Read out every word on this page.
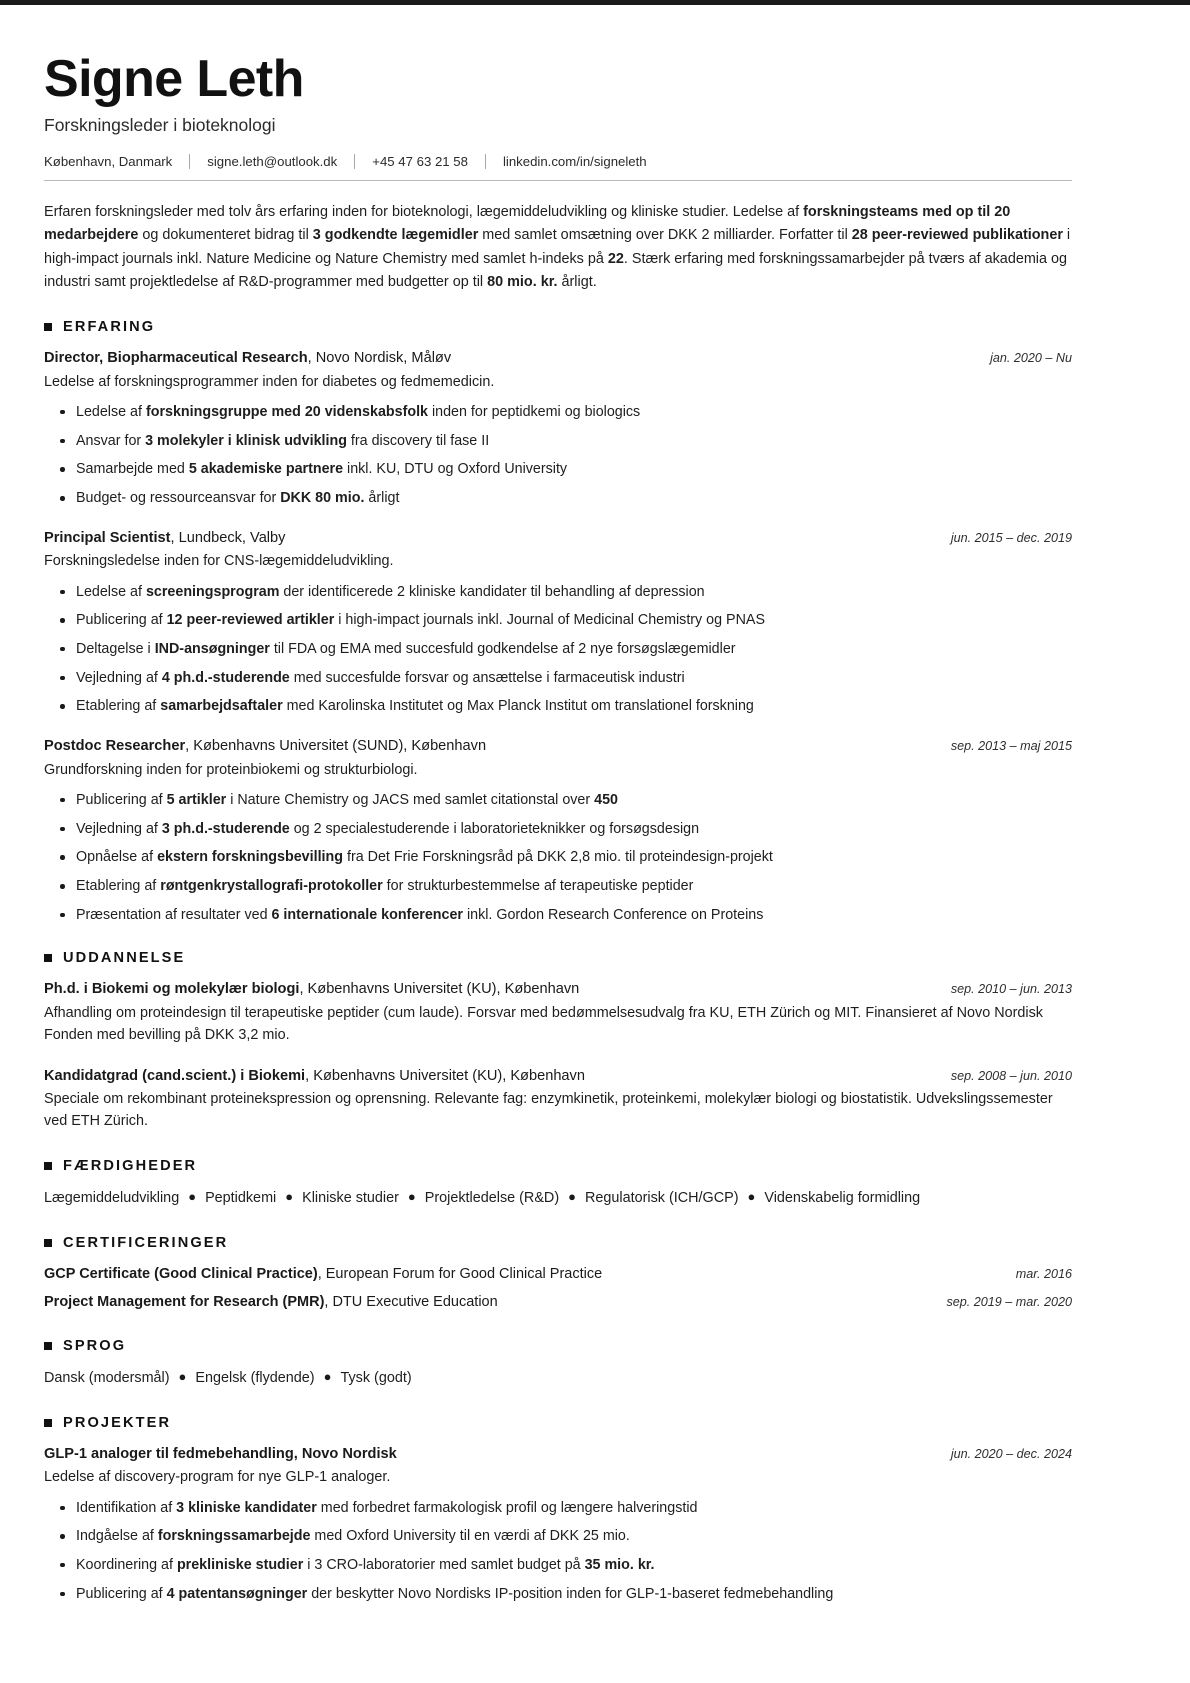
Signe Leth
Forskningsleder i bioteknologi
København, Danmark	signe.leth@outlook.dk	+45 47 63 21 58	linkedin.com/in/signeleth

Erfaren forskningsleder med tolv års erfaring inden for bioteknologi, lægemiddeludvikling og kliniske studier. Ledelse af forskningsteams med op til 20 medarbejdere og dokumenteret bidrag til 3 godkendte lægemidler med samlet omsætning over DKK 2 milliarder. Forfatter til 28 peer-reviewed publikationer i high-impact journals inkl. Nature Medicine og Nature Chemistry med samlet h-indeks på 22. Stærk erfaring med forskningssamarbejder på tværs af akademia og industri samt projektledelse af R&D-programmer med budgetter op til 80 mio. kr. årligt.

ERFARING
Director, Biopharmaceutical Research, Novo Nordisk, Måløv	jan. 2020 – Nu
Ledelse af forskningsprogrammer inden for diabetes og fedmemedicin.
Ledelse af forskningsgruppe med 20 videnskabsfolk inden for peptidkemi og biologics
Ansvar for 3 molekyler i klinisk udvikling fra discovery til fase II
Samarbejde med 5 akademiske partnere inkl. KU, DTU og Oxford University
Budget- og ressourceansvar for DKK 80 mio. årligt
Principal Scientist, Lundbeck, Valby	jun. 2015 – dec. 2019
Forskningsledelse inden for CNS-lægemiddeludvikling.
Ledelse af screeningsprogram der identificerede 2 kliniske kandidater til behandling af depression
Publicering af 12 peer-reviewed artikler i high-impact journals inkl. Journal of Medicinal Chemistry og PNAS
Deltagelse i IND-ansøgninger til FDA og EMA med succesfuld godkendelse af 2 nye forsøgslægemidler
Vejledning af 4 ph.d.-studerende med succesfulde forsvar og ansættelse i farmaceutisk industri
Etablering af samarbejdsaftaler med Karolinska Institutet og Max Planck Institut om translationel forskning
Postdoc Researcher, Københavns Universitet (SUND), København	sep. 2013 – maj 2015
Grundforskning inden for proteinbiokemi og strukturbiologi.
Publicering af 5 artikler i Nature Chemistry og JACS med samlet citationstal over 450
Vejledning af 3 ph.d.-studerende og 2 specialestuderende i laboratorieteknikker og forsøgsdesign
Opnåelse af ekstern forskningsbevilling fra Det Frie Forskningsråd på DKK 2,8 mio. til proteindesign-projekt
Etablering af røntgenkrystallografi-protokoller for strukturbestemmelse af terapeutiske peptider
Præsentation af resultater ved 6 internationale konferencer inkl. Gordon Research Conference on Proteins
UDDANNELSE
Ph.d. i Biokemi og molekylær biologi, Københavns Universitet (KU), København	sep. 2010 – jun. 2013
Afhandling om proteindesign til terapeutiske peptider (cum laude). Forsvar med bedømmelsesudvalg fra KU, ETH Zürich og MIT. Finansieret af Novo Nordisk Fonden med bevilling på DKK 3,2 mio.
Kandidatgrad (cand.scient.) i Biokemi, Københavns Universitet (KU), København	sep. 2008 – jun. 2010
Speciale om rekombinant proteinekspression og oprensning. Relevante fag: enzymkinetik, proteinkemi, molekylær biologi og biostatistik. Udvekslingssemester ved ETH Zürich.
FÆRDIGHEDER
Lægemiddeludvikling ● Peptidkemi ● Kliniske studier ● Projektledelse (R&D) ● Regulatorisk (ICH/GCP) ● Videnskabelig formidling
CERTIFICERINGER
GCP Certificate (Good Clinical Practice), European Forum for Good Clinical Practice	mar. 2016
Project Management for Research (PMR), DTU Executive Education	sep. 2019 – mar. 2020
SPROG
Dansk (modersmål) ● Engelsk (flydende) ● Tysk (godt)
PROJEKTER
GLP-1 analoger til fedmebehandling, Novo Nordisk	jun. 2020 – dec. 2024
Ledelse af discovery-program for nye GLP-1 analoger.
Identifikation af 3 kliniske kandidater med forbedret farmakologisk profil og længere halveringstid
Indgåelse af forskningssamarbejde med Oxford University til en værdi af DKK 25 mio.
Koordinering af prekliniske studier i 3 CRO-laboratorier med samlet budget på 35 mio. kr.
Publicering af 4 patentansøgninger der beskytter Novo Nordisks IP-position inden for GLP-1-baseret fedmebehandling
